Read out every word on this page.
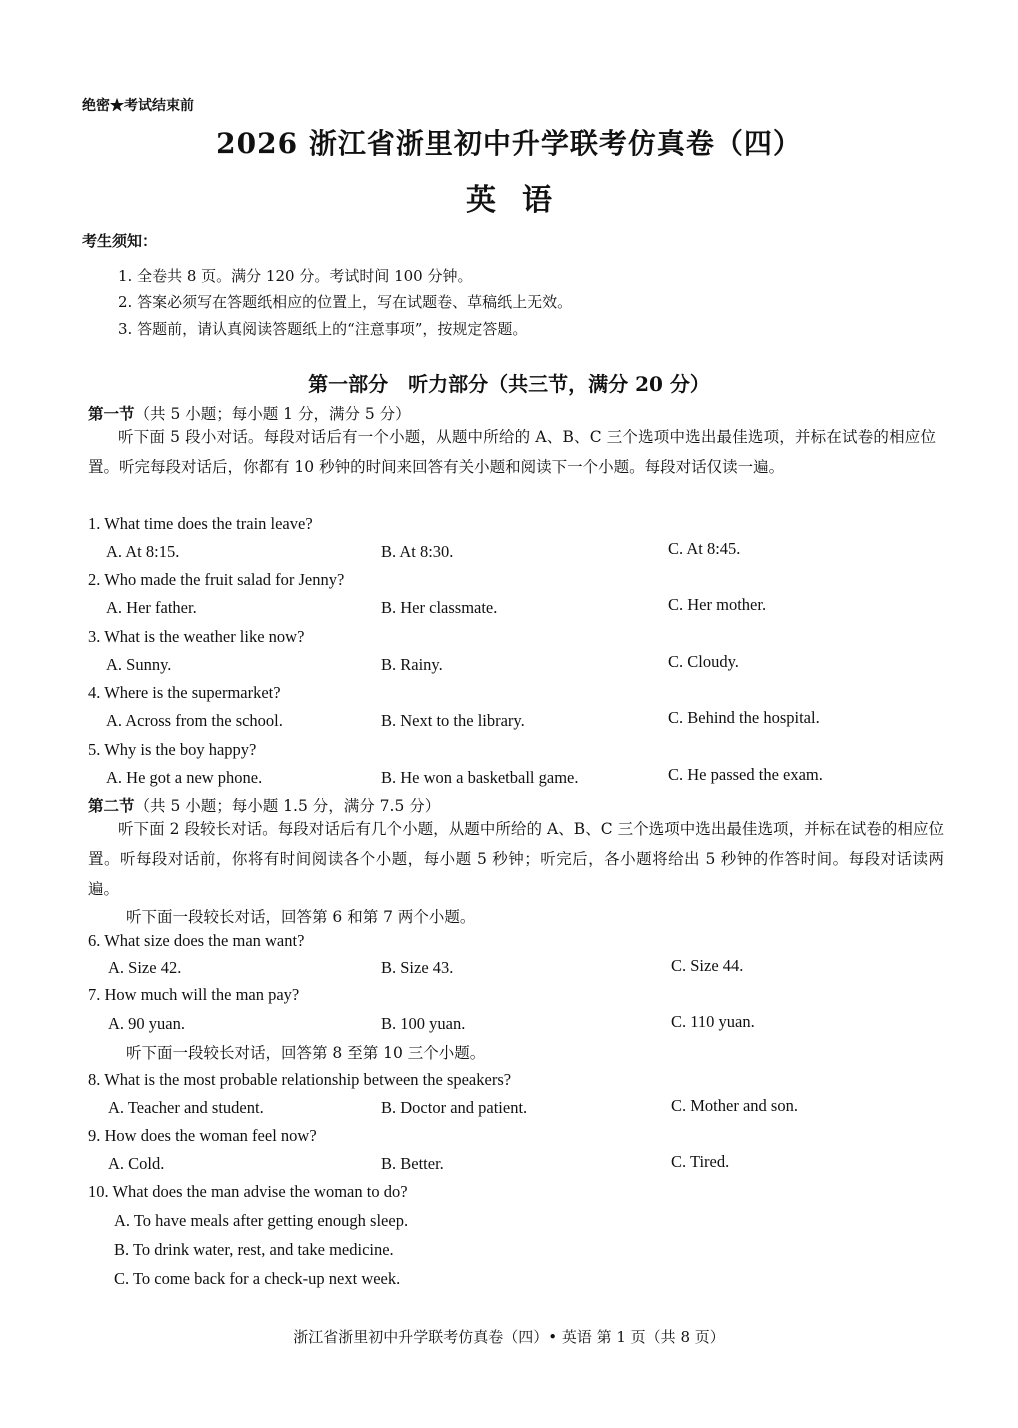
绝密★考试结束前
2026 浙江省浙里初中升学联考仿真卷（四）
英语
考生须知：
1. 全卷共 8 页。满分 120 分。考试时间 100 分钟。
2. 答案必须写在答题纸相应的位置上，写在试题卷、草稿纸上无效。
3. 答题前，请认真阅读答题纸上的“注意事项”，按规定答题。
第一部分　听力部分（共三节，满分 20 分）
第一节（共 5 小题；每小题 1 分，满分 5 分）
听下面 5 段小对话。每段对话后有一个小题，从题中所给的 A、B、C 三个选项中选出最佳选项，并标在试卷的相应位置。听完每段对话后，你都有 10 秒钟的时间来回答有关小题和阅读下一个小题。每段对话仅读一遍。
1. What time does the train leave?
A. At 8:15.	B. At 8:30.	C. At 8:45.
2. Who made the fruit salad for Jenny?
A. Her father.	B. Her classmate.	C. Her mother.
3. What is the weather like now?
A. Sunny.	B. Rainy.	C. Cloudy.
4. Where is the supermarket?
A. Across from the school.	B. Next to the library.	C. Behind the hospital.
5. Why is the boy happy?
A. He got a new phone.	B. He won a basketball game.	C. He passed the exam.
第二节（共 5 小题；每小题 1.5 分，满分 7.5 分）
听下面 2 段较长对话。每段对话后有几个小题，从题中所给的 A、B、C 三个选项中选出最佳选项，并标在试卷的相应位置。听每段对话前，你将有时间阅读各个小题，每小题 5 秒钟；听完后，各小题将给出 5 秒钟的作答时间。每段对话读两遍。
听下面一段较长对话，回答第 6 和第 7 两个小题。
6. What size does the man want?
A. Size 42.	B. Size 43.	C. Size 44.
7. How much will the man pay?
A. 90 yuan.	B. 100 yuan.	C. 110 yuan.
听下面一段较长对话，回答第 8 至第 10 三个小题。
8. What is the most probable relationship between the speakers?
A. Teacher and student.	B. Doctor and patient.	C. Mother and son.
9. How does the woman feel now?
A. Cold.	B. Better.	C. Tired.
10. What does the man advise the woman to do?
A. To have meals after getting enough sleep.
B. To drink water, rest, and take medicine.
C. To come back for a check-up next week.
浙江省浙里初中升学联考仿真卷（四）• 英语 第 1 页（共 8 页）
